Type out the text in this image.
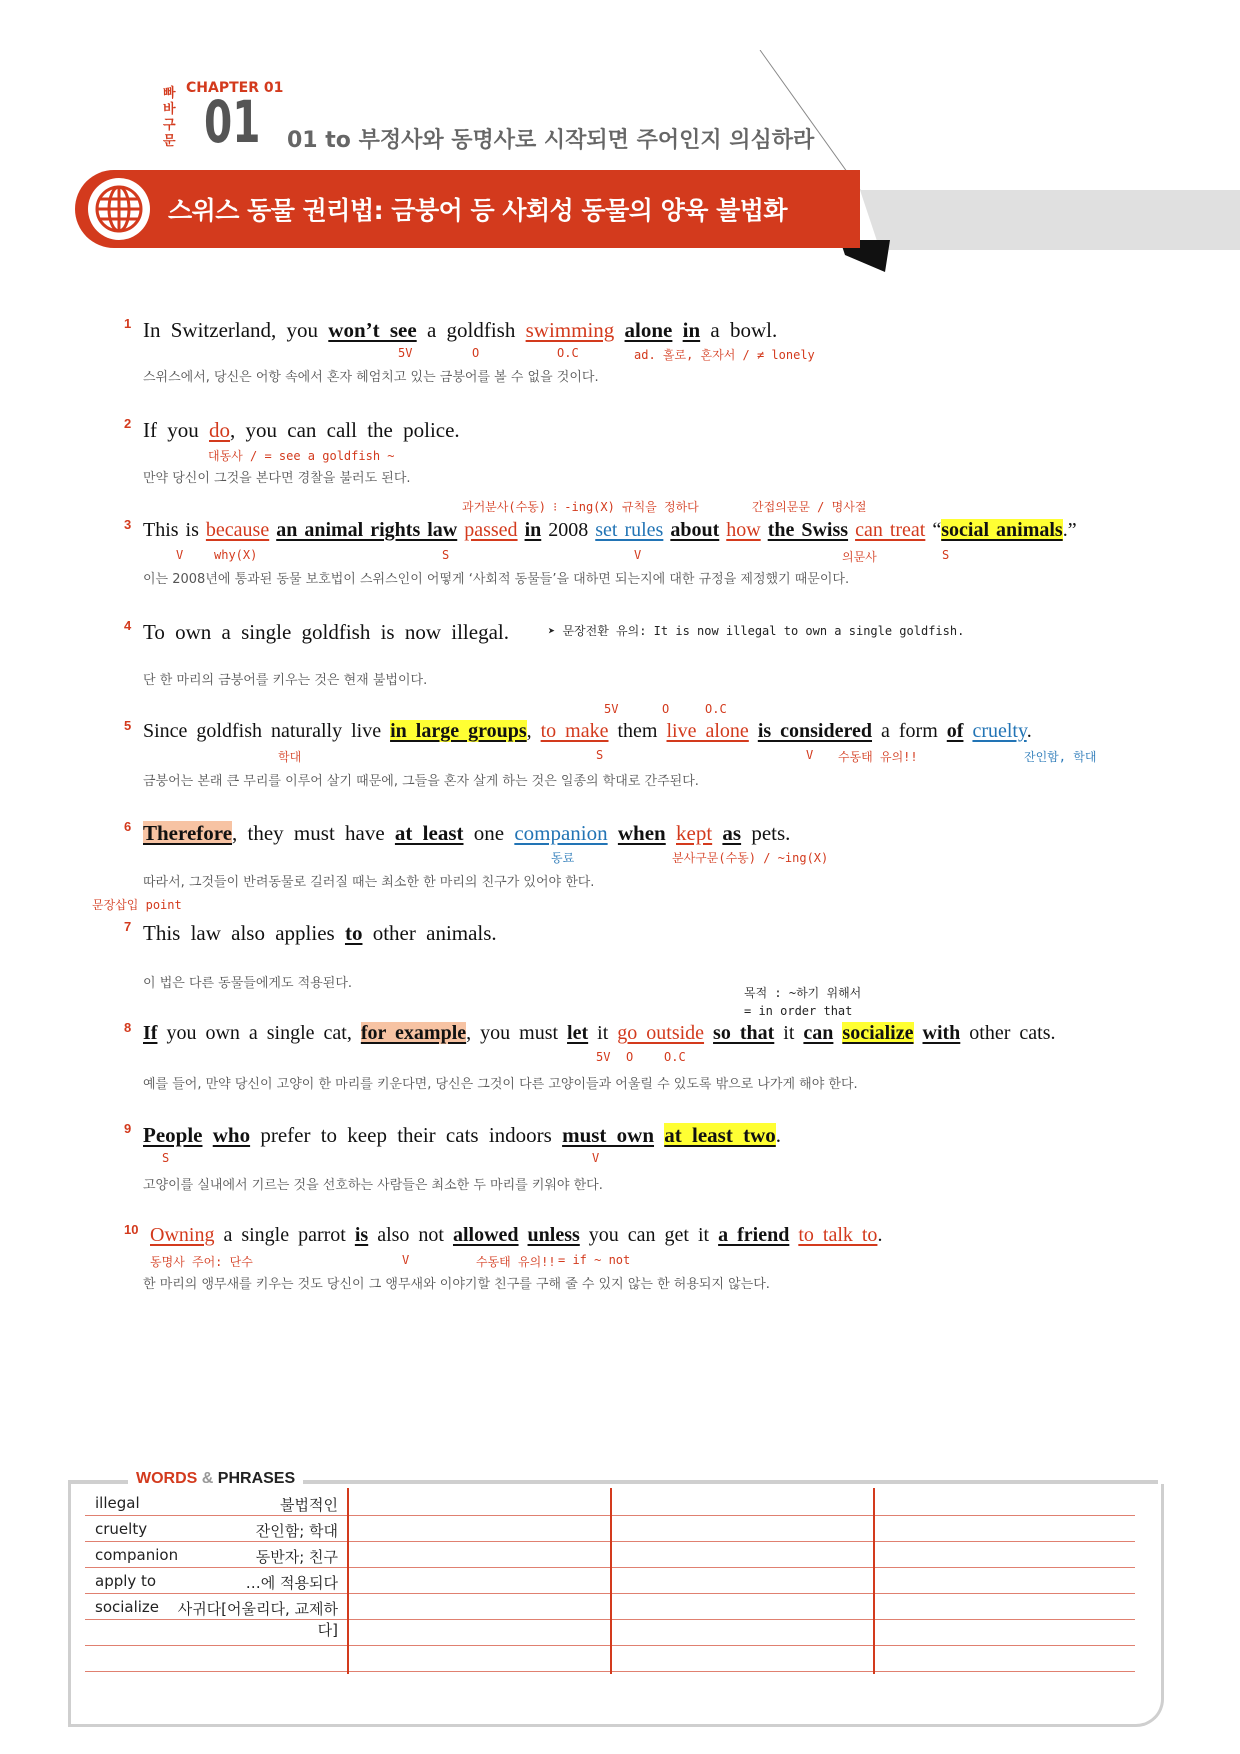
빠
바
구
문
CHAPTER 01
01 01 to 부정사와 동명사로 시작되면 주어인지 의심하라
스위스 동물 권리법: 금붕어 등 사회성 동물의 양육 불법화
1 In Switzerland, you won’t see a goldfish swimming alone in a bowl.
5V	O	O.C	ad. 홀로, 혼자서 / ≠ lonely
스위스에서, 당신은 어항 속에서 혼자 헤엄치고 있는 금붕어를 볼 수 없을 것이다.
2 If you do, you can call the police.
대동사 / = see a goldfish ~
만약 당신이 그것을 본다면 경찰을 불러도 된다.
과거분사(수동) ⁝ -ing(X) 규칙을 정하다	간접의문문 / 명사절
3 This is because an animal rights law passed in 2008 set rules about how the Swiss can treat “social animals.”
V	why(X)	S	V	의문사	S
이는 2008년에 통과된 동물 보호법이 스위스인이 어떻게 ‘사회적 동물들’을 대하면 되는지에 대한 규정을 제정했기 때문이다.
4 To own a single goldfish is now illegal.	➤ 문장전환 유의: It is now illegal to own a single goldfish.
단 한 마리의 금붕어를 키우는 것은 현재 불법이다.
5V	O	O.C
5 Since goldfish naturally live in large groups, to make them live alone is considered a form of cruelty.
학대	S	V 수동태 유의!!	잔인함, 학대
금붕어는 본래 큰 무리를 이루어 살기 때문에, 그들을 혼자 살게 하는 것은 일종의 학대로 간주된다.
6 Therefore, they must have at least one companion when kept as pets.
동료	분사구문(수동) / ~ing(X)
따라서, 그것들이 반려동물로 길러질 때는 최소한 한 마리의 친구가 있어야 한다.
문장삽입 point
7 This law also applies to other animals.
이 법은 다른 동물들에게도 적용된다.
목적 : ~하기 위해서
= in order that
8 If you own a single cat, for example, you must let it go outside so that it can socialize with other cats.
5V O	O.C
예를 들어, 만약 당신이 고양이 한 마리를 키운다면, 당신은 그것이 다른 고양이들과 어울릴 수 있도록 밖으로 나가게 해야 한다.
9 People who prefer to keep their cats indoors must own at least two.
S	V
고양이를 실내에서 기르는 것을 선호하는 사람들은 최소한 두 마리를 키워야 한다.
10 Owning a single parrot is also not allowed unless you can get it a friend to talk to.
동명사 주어: 단수	V	수동태 유의!! = if ~ not
한 마리의 앵무새를 키우는 것도 당신이 그 앵무새와 이야기할 친구를 구해 줄 수 있지 않는 한 허용되지 않는다.
WORDS & PHRASES
illegal	불법적인
cruelty	잔인함; 학대
companion	동반자; 친구
apply to	…에 적용되다
socialize	사귀다[어울리다, 교제하다]
